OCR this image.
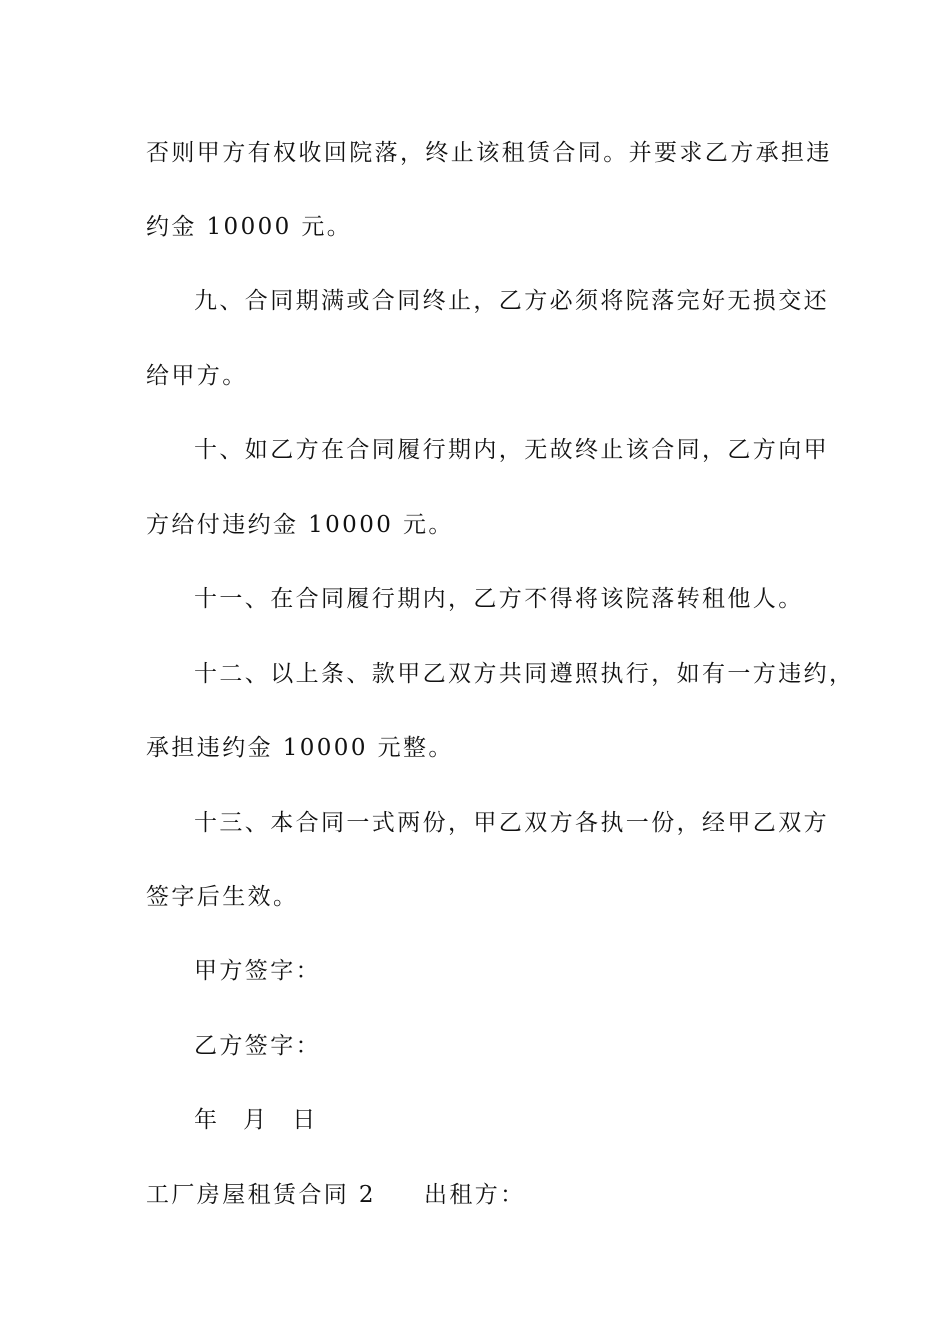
否则甲方有权收回院落，终止该租赁合同。并要求乙方承担违
约金 10000 元。
九、合同期满或合同终止，乙方必须将院落完好无损交还
给甲方。
十、如乙方在合同履行期内，无故终止该合同，乙方向甲
方给付违约金 10000 元。
十一、在合同履行期内，乙方不得将该院落转租他人。
十二、以上条、款甲乙双方共同遵照执行，如有一方违约，
承担违约金 10000 元整。
十三、本合同一式两份，甲乙双方各执一份，经甲乙双方
签字后生效。
甲方签字：
乙方签字：
年 月 日
工厂房屋租赁合同 2 出租方：
